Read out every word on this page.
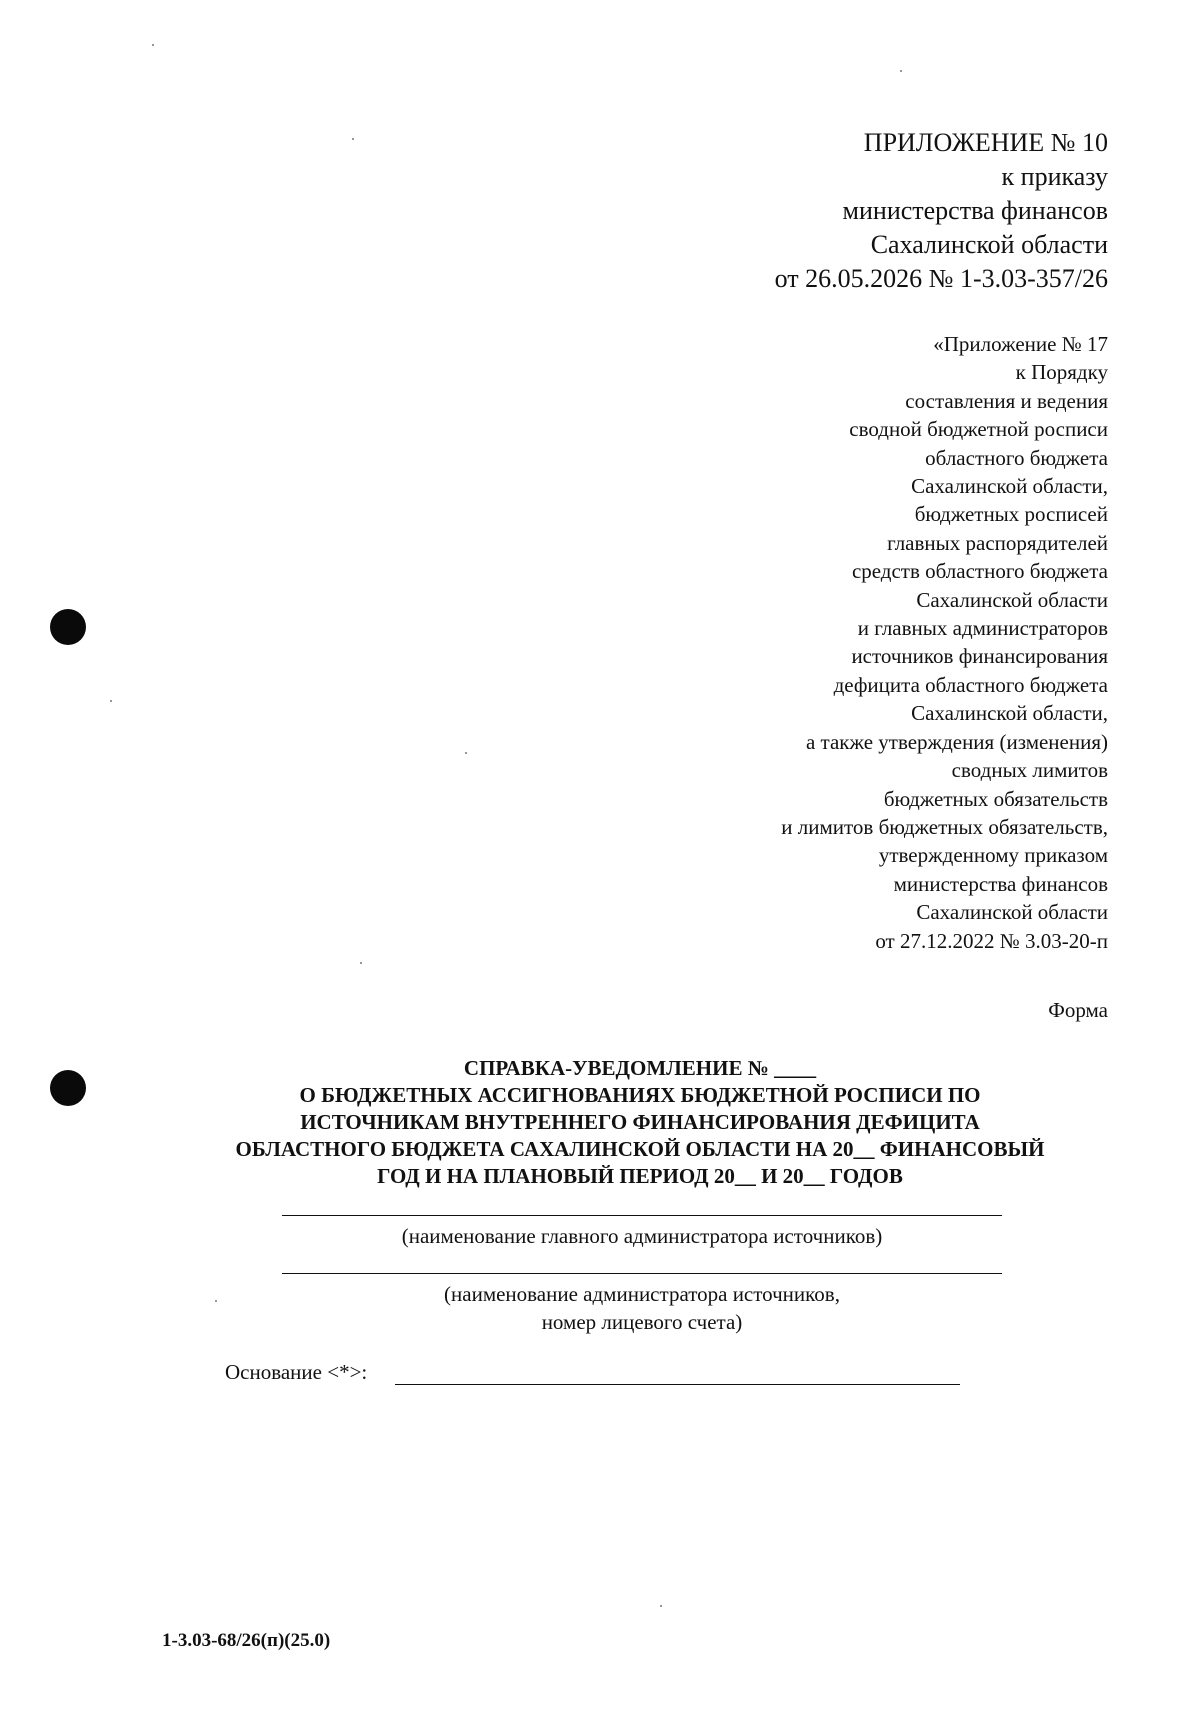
ПРИЛОЖЕНИЕ № 10
к приказу
министерства финансов
Сахалинской области
от 26.05.2026 № 1-3.03-357/26
«Приложение № 17
к Порядку
составления и ведения
сводной бюджетной росписи
областного бюджета
Сахалинской области,
бюджетных росписей
главных распорядителей
средств областного бюджета
Сахалинской области
и главных администраторов
источников финансирования
дефицита областного бюджета
Сахалинской области,
а также утверждения (изменения)
сводных лимитов
бюджетных обязательств
и лимитов бюджетных обязательств,
утвержденному приказом
министерства финансов
Сахалинской области
от 27.12.2022 № 3.03-20-п
Форма
СПРАВКА-УВЕДОМЛЕНИЕ № ____
О БЮДЖЕТНЫХ АССИГНОВАНИЯХ БЮДЖЕТНОЙ РОСПИСИ ПО
ИСТОЧНИКАМ ВНУТРЕННЕГО ФИНАНСИРОВАНИЯ ДЕФИЦИТА
ОБЛАСТНОГО БЮДЖЕТА САХАЛИНСКОЙ ОБЛАСТИ НА 20__ ФИНАНСОВЫЙ
ГОД И НА ПЛАНОВЫЙ ПЕРИОД 20__ И 20__ ГОДОВ
(наименование главного администратора источников)
(наименование администратора источников,
номер лицевого счета)
Основание <*>:
1-3.03-68/26(п)(25.0)
